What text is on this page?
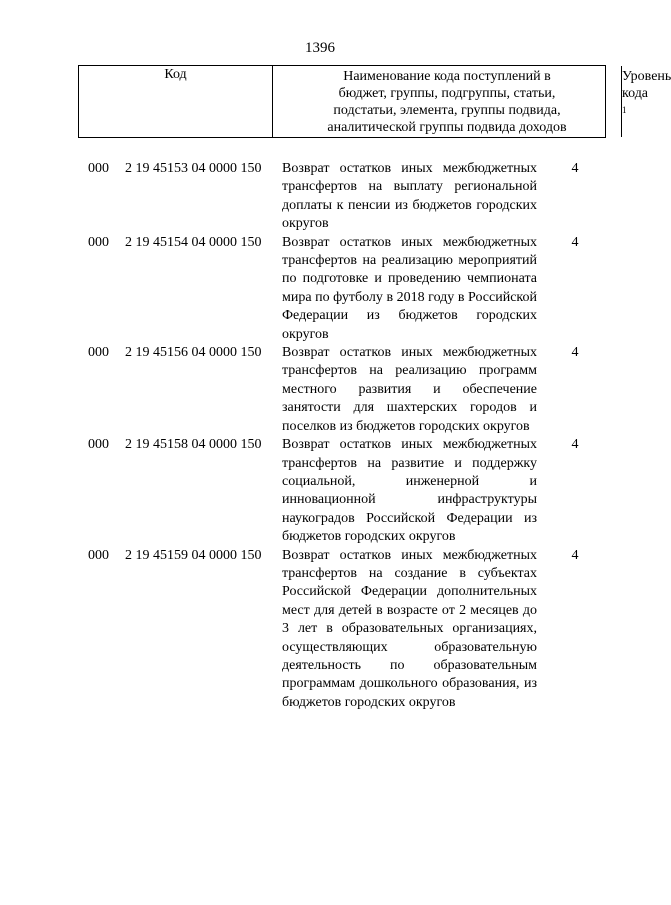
1396
Код	Наименование кода поступлений в
бюджет, группы, подгруппы, статьи,
подстатьи, элемента, группы подвида,
аналитической группы подвида доходов
Уровень
кода $^1$
000 2 19 45153 04 0000 150 Возврат остатков иных межбюджетных трансфертов на выплату региональной доплаты к пенсии из бюджетов городских округов
4
000 2 19 45154 04 0000 150 Возврат остатков иных межбюджетных трансфертов на реализацию мероприятий по подготовке и проведению чемпионата мира по футболу в 2018 году в Российской Федерации из бюджетов городских округов
4
000 2 19 45156 04 0000 150 Возврат остатков иных межбюджетных трансфертов на реализацию программ местного развития и обеспечение занятости для шахтерских городов и поселков из бюджетов городских округов
4
000 2 19 45158 04 0000 150 Возврат остатков иных межбюджетных трансфертов на развитие и поддержку социальной, инженерной и инновационной инфраструктуры наукоградов Российской Федерации из бюджетов городских округов
4
000 2 19 45159 04 0000 150 Возврат остатков иных межбюджетных трансфертов на создание в субъектах Российской Федерации дополнительных мест для детей в возрасте от 2 месяцев до 3 лет в образовательных организациях, осуществляющих образовательную деятельность по образовательным программам дошкольного образования, из бюджетов городских округов
4
